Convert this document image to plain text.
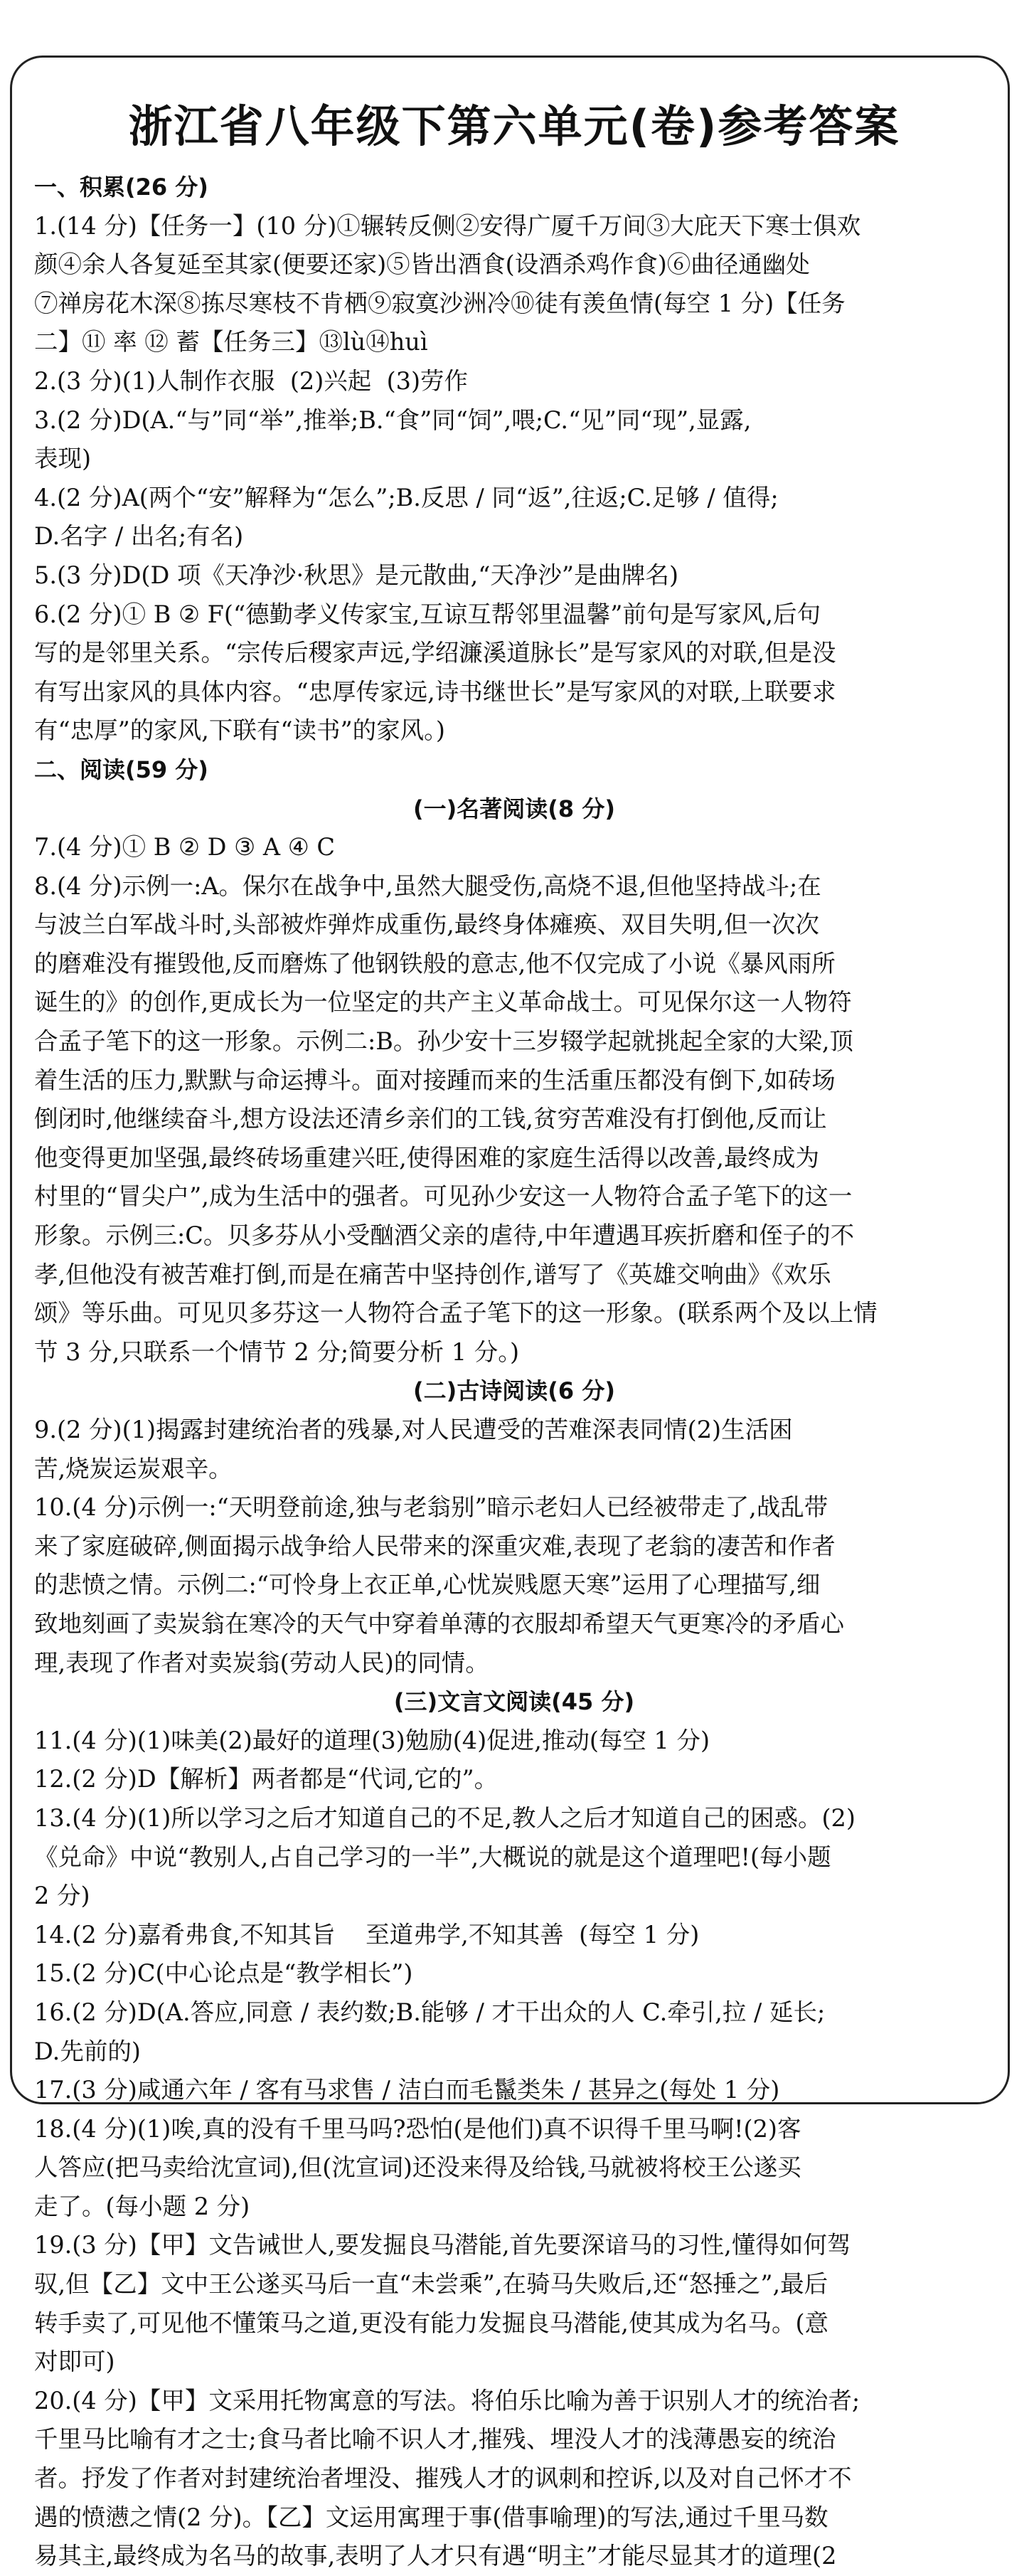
浙江省八年级下第六单元(卷)参考答案
一、积累(26 分)
1.(14 分)【任务一】(10 分)①辗转反侧②安得广厦千万间③大庇天下寒士俱欢
颜④余人各复延至其家(便要还家)⑤皆出酒食(设酒杀鸡作食)⑥曲径通幽处
⑦禅房花木深⑧拣尽寒枝不肯栖⑨寂寞沙洲冷⑩徒有羡鱼情(每空 1 分)【任务
二】⑪ 率 ⑫ 蓄【任务三】⑬lù⑭huì
2.(3 分)(1)人制作衣服  (2)兴起  (3)劳作
3.(2 分)D(A.“与”同“举”,推举;B.“食”同“饲”,喂;C.“见”同“现”,显露,
表现)
4.(2 分)A(两个“安”解释为“怎么”;B.反思 / 同“返”,往返;C.足够 / 值得;
D.名字 / 出名;有名)
5.(3 分)D(D 项《天净沙·秋思》是元散曲,“天净沙”是曲牌名)
6.(2 分)① B ② F(“德勤孝义传家宝,互谅互帮邻里温馨”前句是写家风,后句
写的是邻里关系。“宗传后稷家声远,学绍濂溪道脉长”是写家风的对联,但是没
有写出家风的具体内容。“忠厚传家远,诗书继世长”是写家风的对联,上联要求
有“忠厚”的家风,下联有“读书”的家风。)
二、阅读(59 分)
(一)名著阅读(8 分)
7.(4 分)① B ② D ③ A ④ C
8.(4 分)示例一:A。保尔在战争中,虽然大腿受伤,高烧不退,但他坚持战斗;在
与波兰白军战斗时,头部被炸弹炸成重伤,最终身体瘫痪、双目失明,但一次次
的磨难没有摧毁他,反而磨炼了他钢铁般的意志,他不仅完成了小说《暴风雨所
诞生的》的创作,更成长为一位坚定的共产主义革命战士。可见保尔这一人物符
合孟子笔下的这一形象。示例二:B。孙少安十三岁辍学起就挑起全家的大梁,顶
着生活的压力,默默与命运搏斗。面对接踵而来的生活重压都没有倒下,如砖场
倒闭时,他继续奋斗,想方设法还清乡亲们的工钱,贫穷苦难没有打倒他,反而让
他变得更加坚强,最终砖场重建兴旺,使得困难的家庭生活得以改善,最终成为
村里的“冒尖户”,成为生活中的强者。可见孙少安这一人物符合孟子笔下的这一
形象。示例三:C。贝多芬从小受酗酒父亲的虐待,中年遭遇耳疾折磨和侄子的不
孝,但他没有被苦难打倒,而是在痛苦中坚持创作,谱写了《英雄交响曲》《欢乐
颂》等乐曲。可见贝多芬这一人物符合孟子笔下的这一形象。(联系两个及以上情
节 3 分,只联系一个情节 2 分;简要分析 1 分。)
(二)古诗阅读(6 分)
9.(2 分)(1)揭露封建统治者的残暴,对人民遭受的苦难深表同情(2)生活困
苦,烧炭运炭艰辛。
10.(4 分)示例一:“天明登前途,独与老翁别”暗示老妇人已经被带走了,战乱带
来了家庭破碎,侧面揭示战争给人民带来的深重灾难,表现了老翁的凄苦和作者
的悲愤之情。示例二:“可怜身上衣正单,心忧炭贱愿天寒”运用了心理描写,细
致地刻画了卖炭翁在寒冷的天气中穿着单薄的衣服却希望天气更寒冷的矛盾心
理,表现了作者对卖炭翁(劳动人民)的同情。
(三)文言文阅读(45 分)
11.(4 分)(1)味美(2)最好的道理(3)勉励(4)促进,推动(每空 1 分)
12.(2 分)D【解析】两者都是“代词,它的”。
13.(4 分)(1)所以学习之后才知道自己的不足,教人之后才知道自己的困惑。(2)
《兑命》中说“教别人,占自己学习的一半”,大概说的就是这个道理吧!(每小题
2 分)
14.(2 分)嘉肴弗食,不知其旨    至道弗学,不知其善  (每空 1 分)
15.(2 分)C(中心论点是“教学相长”)
16.(2 分)D(A.答应,同意 / 表约数;B.能够 / 才干出众的人 C.牵引,拉 / 延长;
D.先前的)
17.(3 分)咸通六年 / 客有马求售 / 洁白而毛鬣类朱 / 甚异之(每处 1 分)
18.(4 分)(1)唉,真的没有千里马吗?恐怕(是他们)真不识得千里马啊!(2)客
人答应(把马卖给沈宣词),但(沈宣词)还没来得及给钱,马就被将校王公遂买
走了。(每小题 2 分)
19.(3 分)【甲】文告诫世人,要发掘良马潜能,首先要深谙马的习性,懂得如何驾
驭,但【乙】文中王公遂买马后一直“未尝乘”,在骑马失败后,还“怒捶之”,最后
转手卖了,可见他不懂策马之道,更没有能力发掘良马潜能,使其成为名马。(意
对即可)
20.(4 分)【甲】文采用托物寓意的写法。将伯乐比喻为善于识别人才的统治者;
千里马比喻有才之士;食马者比喻不识人才,摧残、埋没人才的浅薄愚妄的统治
者。抒发了作者对封建统治者埋没、摧残人才的讽刺和控诉,以及对自己怀才不
遇的愤懑之情(2 分)。【乙】文运用寓理于事(借事喻理)的写法,通过千里马数
易其主,最终成为名马的故事,表明了人才只有遇“明主”才能尽显其才的道理(2
